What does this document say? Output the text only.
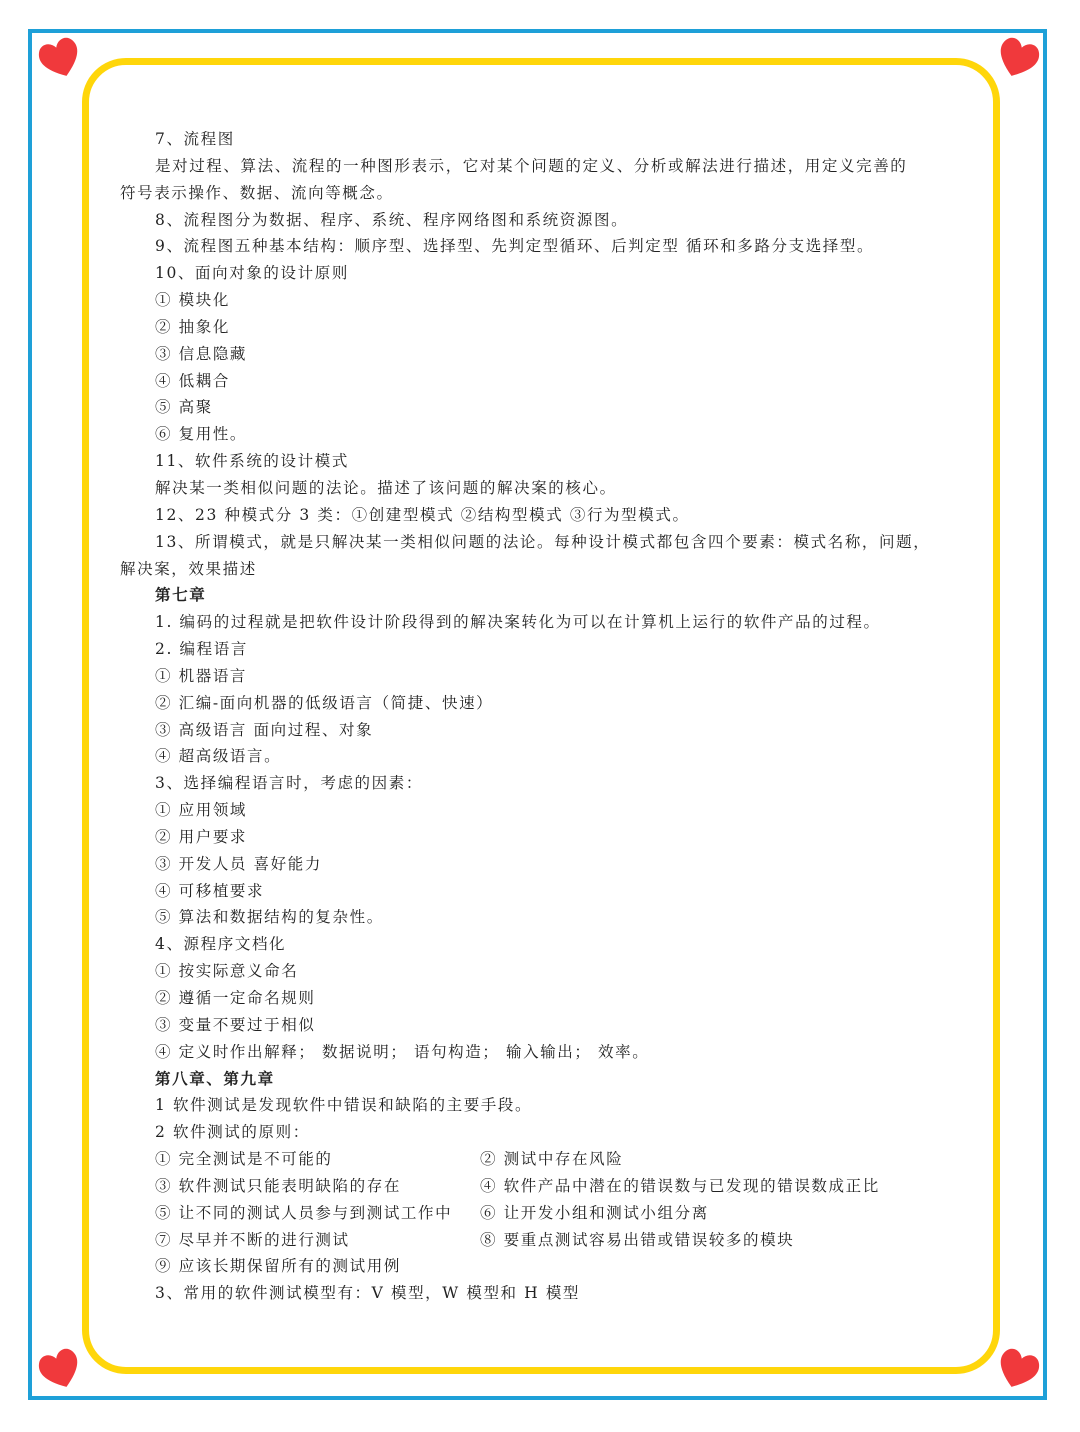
7、流程图
是对过程、算法、流程的一种图形表示，它对某个问题的定义、分析或解法进行描述，用定义完善的
符号表示操作、数据、流向等概念。
8、流程图分为数据、程序、系统、程序网络图和系统资源图。
9、流程图五种基本结构：顺序型、选择型、先判定型循环、后判定型 循环和多路分支选择型。
10、面向对象的设计原则
① 模块化
② 抽象化
③ 信息隐藏
④ 低耦合
⑤ 高聚
⑥ 复用性。
11、软件系统的设计模式
解决某一类相似问题的法论。描述了该问题的解决案的核心。
12、23 种模式分 3 类：①创建型模式 ②结构型模式 ③行为型模式。
13、所谓模式，就是只解决某一类相似问题的法论。每种设计模式都包含四个要素：模式名称，问题，
解决案，效果描述
第七章
1. 编码的过程就是把软件设计阶段得到的解决案转化为可以在计算机上运行的软件产品的过程。
2. 编程语言
① 机器语言
② 汇编-面向机器的低级语言（简捷、快速）
③ 高级语言 面向过程、对象
④ 超高级语言。
3、选择编程语言时，考虑的因素：
① 应用领域
② 用户要求
③ 开发人员 喜好能力
④ 可移植要求
⑤ 算法和数据结构的复杂性。
4、源程序文档化
① 按实际意义命名
② 遵循一定命名规则
③ 变量不要过于相似
④ 定义时作出解释； 数据说明； 语句构造； 输入输出； 效率。
第八章、第九章
1 软件测试是发现软件中错误和缺陷的主要手段。
2 软件测试的原则：
① 完全测试是不可能的	② 测试中存在风险
③ 软件测试只能表明缺陷的存在	④ 软件产品中潜在的错误数与已发现的错误数成正比
⑤ 让不同的测试人员参与到测试工作中	⑥ 让开发小组和测试小组分离
⑦ 尽早并不断的进行测试	⑧ 要重点测试容易出错或错误较多的模块
⑨ 应该长期保留所有的测试用例
3、常用的软件测试模型有：V 模型，W 模型和 H 模型
